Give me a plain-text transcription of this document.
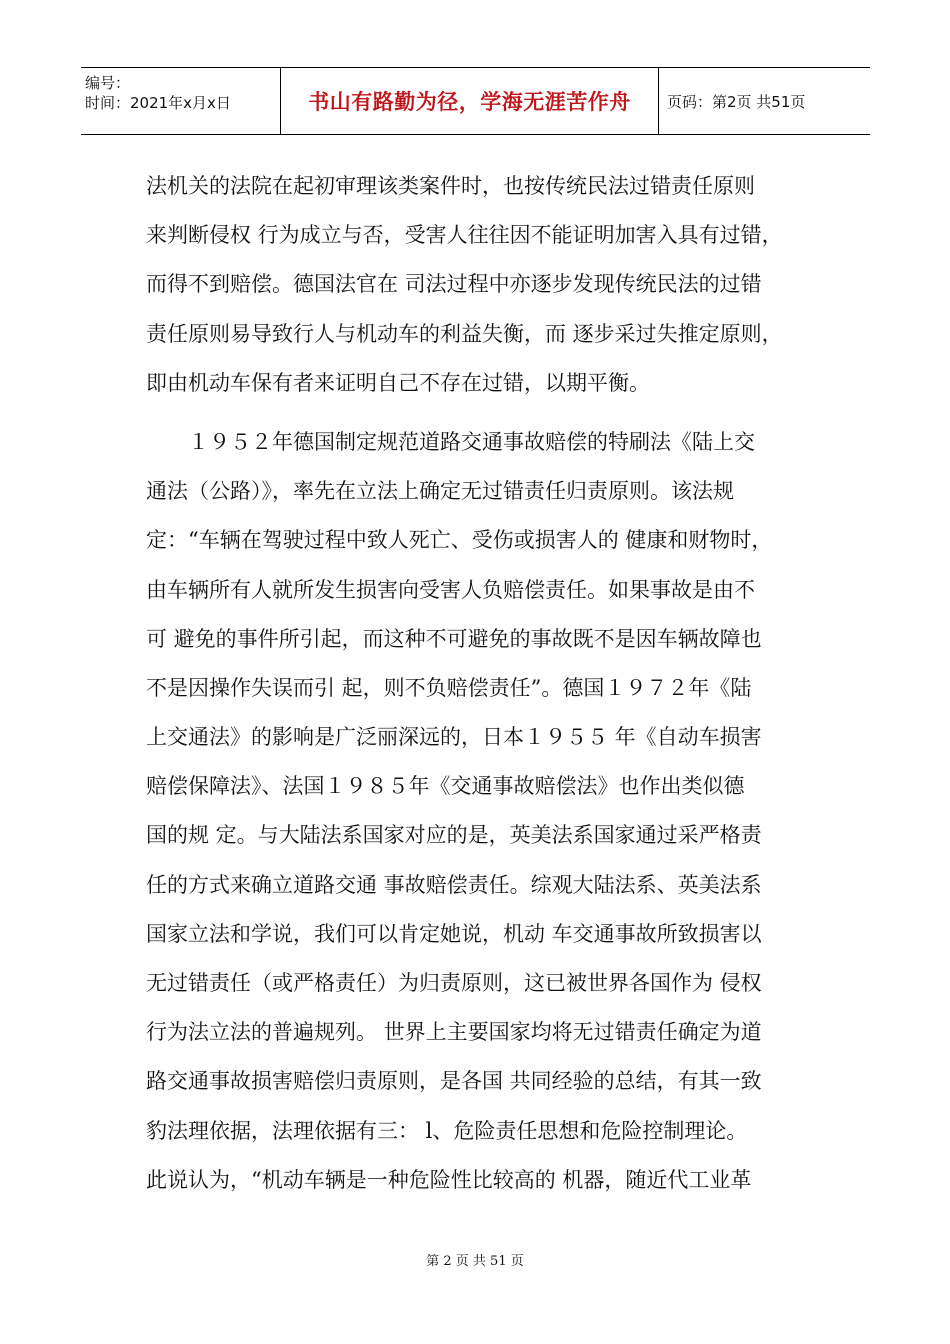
编号：
时间：2021年x月x日	书山有路勤为径，学海无涯苦作舟	页码：第2页 共51页
法机关的法院在起初审理该类案件时，也按传统民法过错责任原则
来判断侵权 行为成立与否，受害人往往因不能证明加害入具有过错，
而得不到赔偿。德国法官在 司法过程中亦逐步发现传统民法的过错
责任原则易导致行人与机动车的利益失衡，而 逐步采过失推定原则，
即由机动车保有者来证明自己不存在过错，以期平衡。
１９５２年德国制定规范道路交通事故赔偿的特刷法《陆上交
通法（公路）》，率先在立法上确定无过错责任归责原则。该法规
定：“车辆在驾驶过程中致人死亡、受伤或损害人的 健康和财物时，
由车辆所有人就所发生损害向受害人负赔偿责任。如果事故是由不
可 避免的事件所引起，而这种不可避免的事故既不是因车辆故障也
不是因操作失误而引 起，则不负赔偿责任”。德国１９７２年《陆
上交通法》的影响是广泛丽深远的，日本１９５５ 年《自动车损害
赔偿保障法》、法国１９８５年《交通事故赔偿法》也作出类似德
国的规 定。与大陆法系国家对应的是，英美法系国家通过采严格责
任的方式来确立道路交通 事故赔偿责任。综观大陆法系、英美法系
国家立法和学说，我们可以肯定她说，机动 车交通事故所致损害以
无过错责任（或严格责任）为归责原则，这已被世界各国作为 侵权
行为法立法的普遍规列。 世界上主要国家均将无过错责任确定为道
路交通事故损害赔偿归责原则，是各国 共同经验的总结，有其一致
豹法理依据，法理依据有三： l、危险责任思想和危险控制理论。
此说认为，“机动车辆是一种危险性比较高的 机器，随近代工业革
第 2 页 共 51 页
